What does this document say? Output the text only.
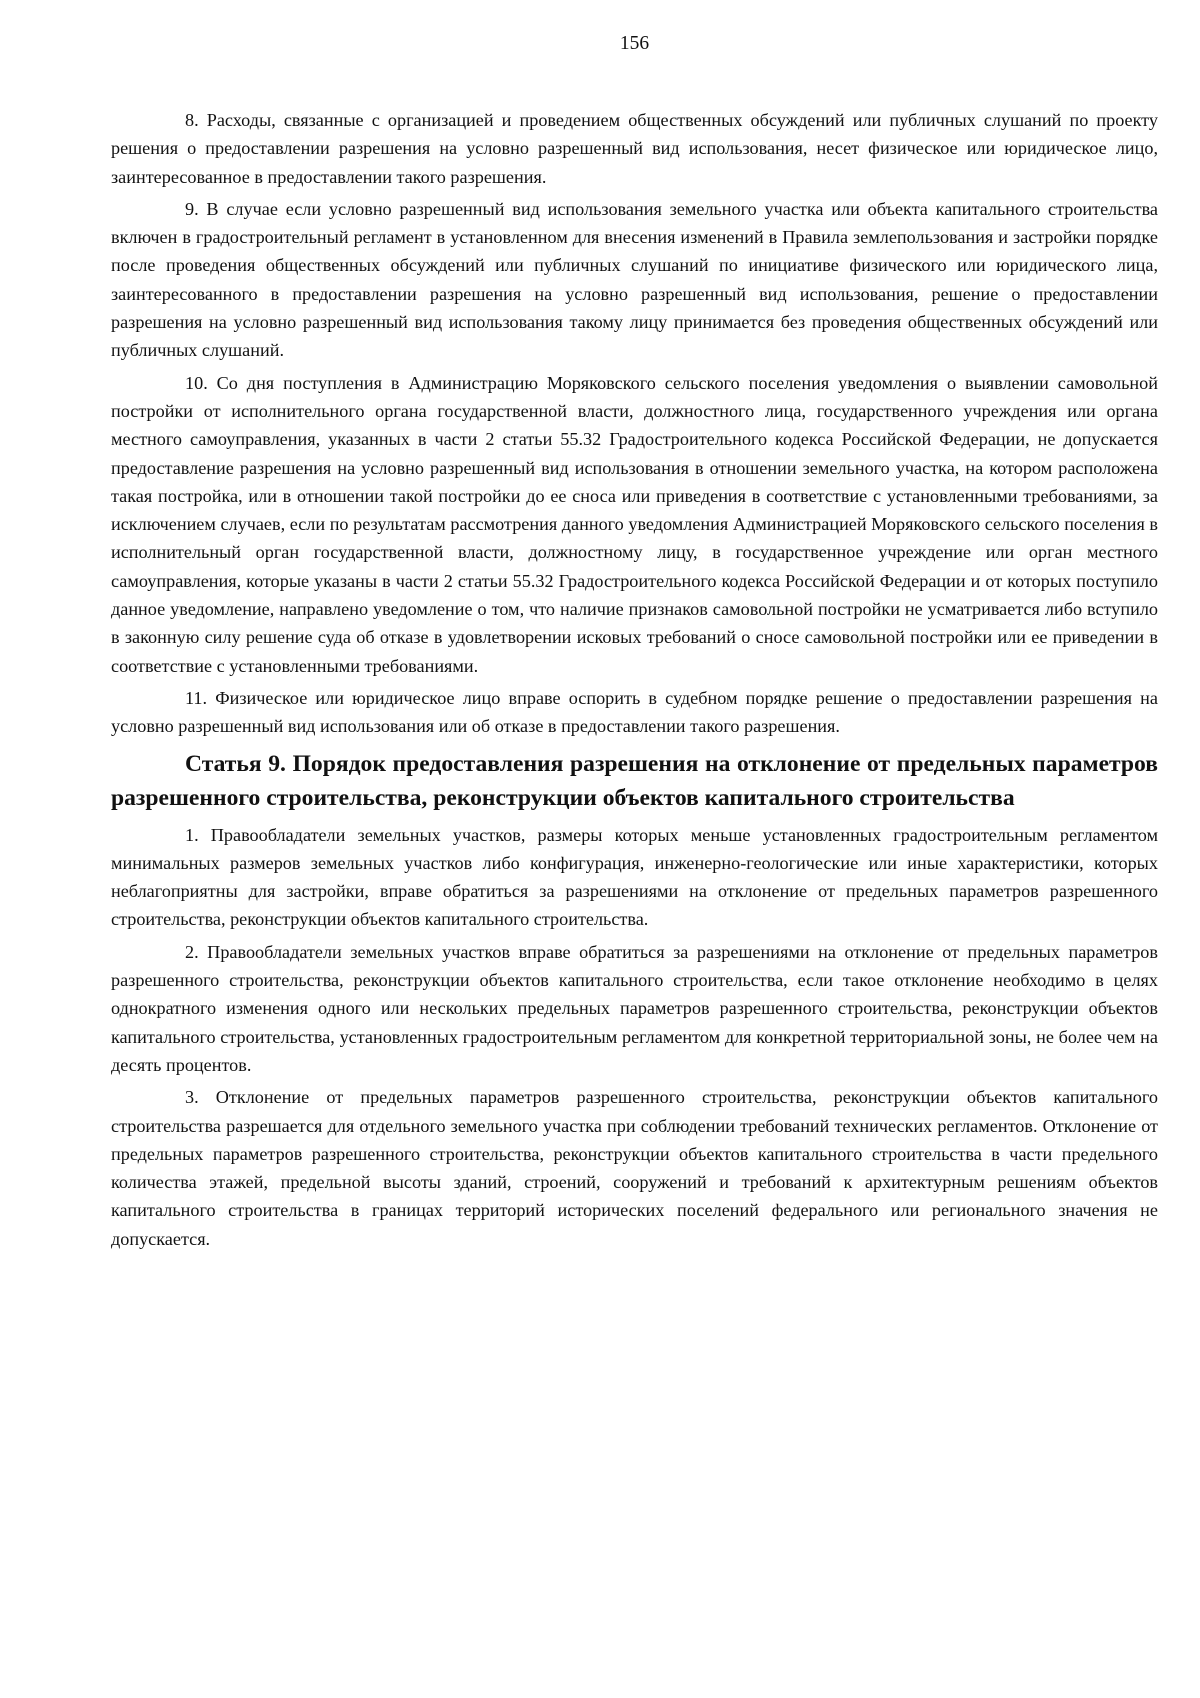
156

8. Расходы, связанные с организацией и проведением общественных обсуждений или публичных слушаний по проекту решения о предоставлении разрешения на условно разрешенный вид использования, несет физическое или юридическое лицо, заинтересованное в предоставлении такого разрешения.

9. В случае если условно разрешенный вид использования земельного участка или объекта капитального строительства включен в градостроительный регламент в установленном для внесения изменений в Правила землепользования и застройки порядке после проведения общественных обсуждений или публичных слушаний по инициативе физического или юридического лица, заинтересованного в предоставлении разрешения на условно разрешенный вид использования, решение о предоставлении разрешения на условно разрешенный вид использования такому лицу принимается без проведения общественных обсуждений или публичных слушаний.

10. Со дня поступления в Администрацию Моряковского сельского поселения уведомления о выявлении самовольной постройки от исполнительного органа государственной власти, должностного лица, государственного учреждения или органа местного самоуправления, указанных в части 2 статьи 55.32 Градостроительного кодекса Российской Федерации, не допускается предоставление разрешения на условно разрешенный вид использования в отношении земельного участка, на котором расположена такая постройка, или в отношении такой постройки до ее сноса или приведения в соответствие с установленными требованиями, за исключением случаев, если по результатам рассмотрения данного уведомления Администрацией Моряковского сельского поселения в исполнительный орган государственной власти, должностному лицу, в государственное учреждение или орган местного самоуправления, которые указаны в части 2 статьи 55.32 Градостроительного кодекса Российской Федерации и от которых поступило данное уведомление, направлено уведомление о том, что наличие признаков самовольной постройки не усматривается либо вступило в законную силу решение суда об отказе в удовлетворении исковых требований о сносе самовольной постройки или ее приведении в соответствие с установленными требованиями.

11. Физическое или юридическое лицо вправе оспорить в судебном порядке решение о предоставлении разрешения на условно разрешенный вид использования или об отказе в предоставлении такого разрешения.

Статья 9. Порядок предоставления разрешения на отклонение от предельных параметров разрешенного строительства, реконструкции объектов капитального строительства

1. Правообладатели земельных участков, размеры которых меньше установленных градостроительным регламентом минимальных размеров земельных участков либо конфигурация, инженерно-геологические или иные характеристики, которых неблагоприятны для застройки, вправе обратиться за разрешениями на отклонение от предельных параметров разрешенного строительства, реконструкции объектов капитального строительства.

2. Правообладатели земельных участков вправе обратиться за разрешениями на отклонение от предельных параметров разрешенного строительства, реконструкции объектов капитального строительства, если такое отклонение необходимо в целях однократного изменения одного или нескольких предельных параметров разрешенного строительства, реконструкции объектов капитального строительства, установленных градостроительным регламентом для конкретной территориальной зоны, не более чем на десять процентов.

3. Отклонение от предельных параметров разрешенного строительства, реконструкции объектов капитального строительства разрешается для отдельного земельного участка при соблюдении требований технических регламентов. Отклонение от предельных параметров разрешенного строительства, реконструкции объектов капитального строительства в части предельного количества этажей, предельной высоты зданий, строений, сооружений и требований к архитектурным решениям объектов капитального строительства в границах территорий исторических поселений федерального или регионального значения не допускается.
